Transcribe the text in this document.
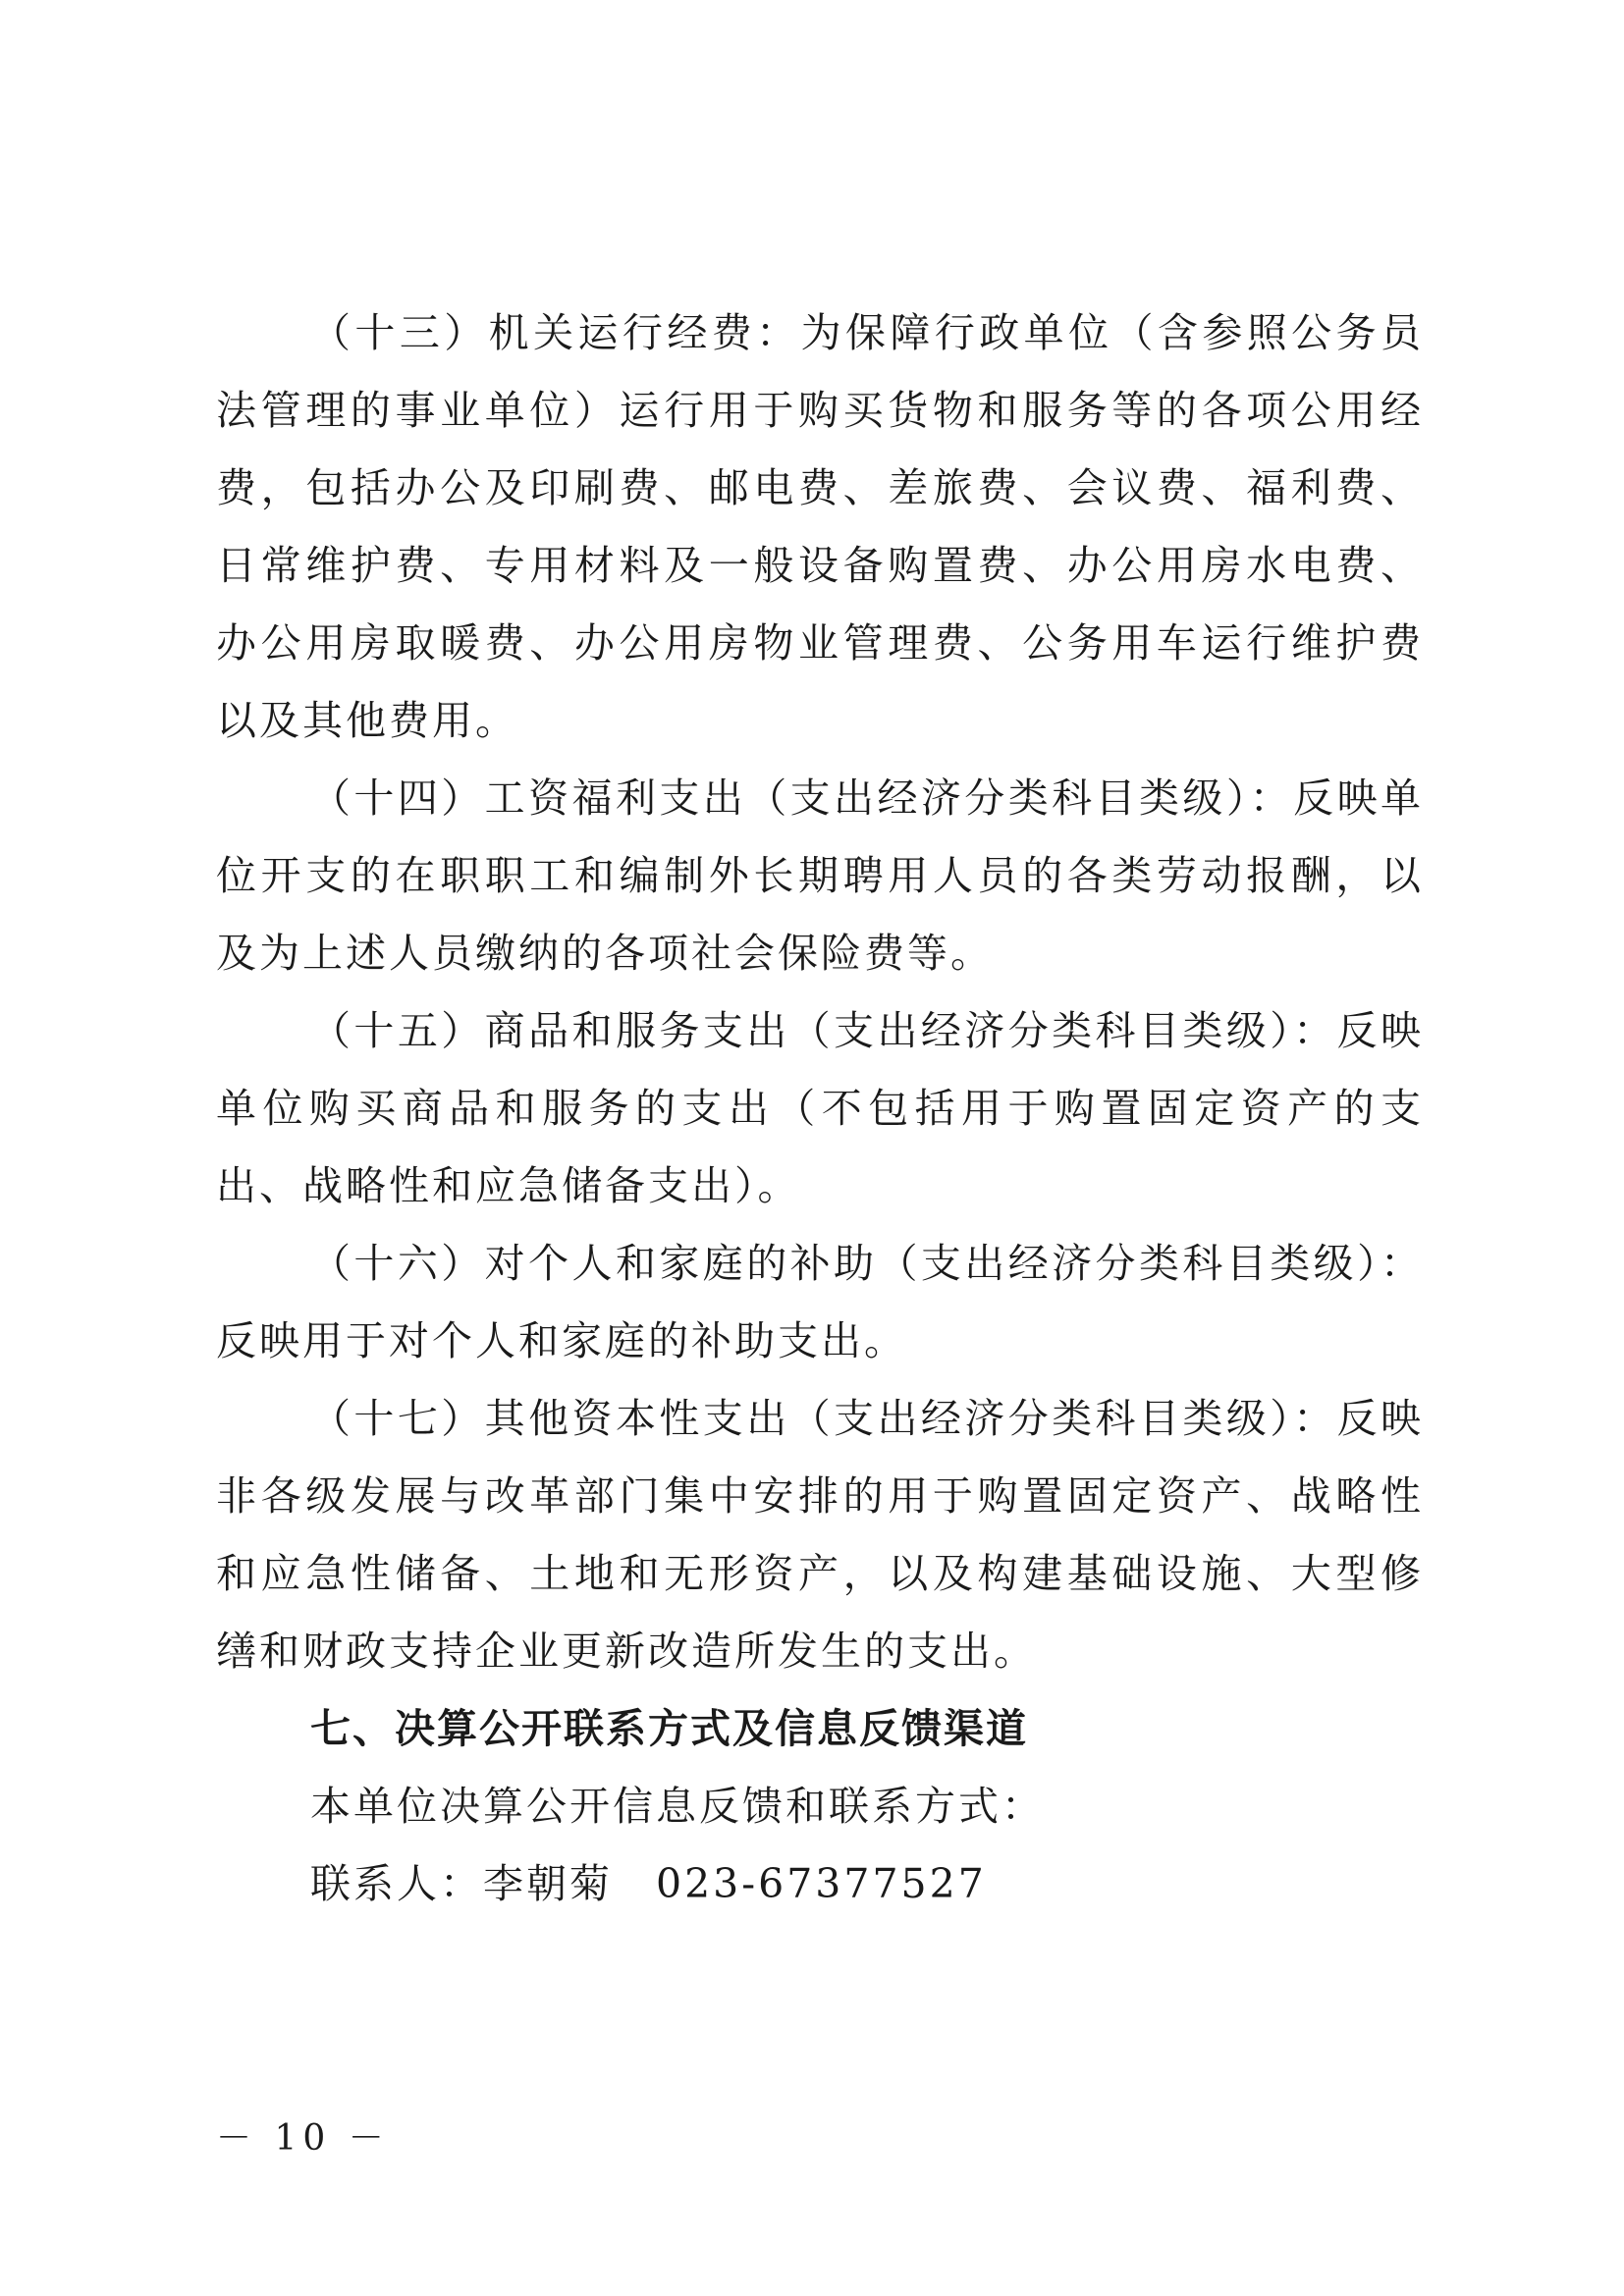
（十三）机关运行经费：为保障行政单位（含参照公务员法管理的事业单位）运行用于购买货物和服务等的各项公用经费，包括办公及印刷费、邮电费、差旅费、会议费、福利费、日常维护费、专用材料及一般设备购置费、办公用房水电费、办公用房取暖费、办公用房物业管理费、公务用车运行维护费以及其他费用。

（十四）工资福利支出（支出经济分类科目类级）：反映单位开支的在职职工和编制外长期聘用人员的各类劳动报酬，以及为上述人员缴纳的各项社会保险费等。

（十五）商品和服务支出（支出经济分类科目类级）：反映单位购买商品和服务的支出（不包括用于购置固定资产的支出、战略性和应急储备支出）。

（十六）对个人和家庭的补助（支出经济分类科目类级）：反映用于对个人和家庭的补助支出。

（十七）其他资本性支出（支出经济分类科目类级）：反映非各级发展与改革部门集中安排的用于购置固定资产、战略性和应急性储备、土地和无形资产，以及构建基础设施、大型修缮和财政支持企业更新改造所发生的支出。

七、决算公开联系方式及信息反馈渠道

本单位决算公开信息反馈和联系方式：

联系人：李朝菊　023-67377527

－ 10 －
